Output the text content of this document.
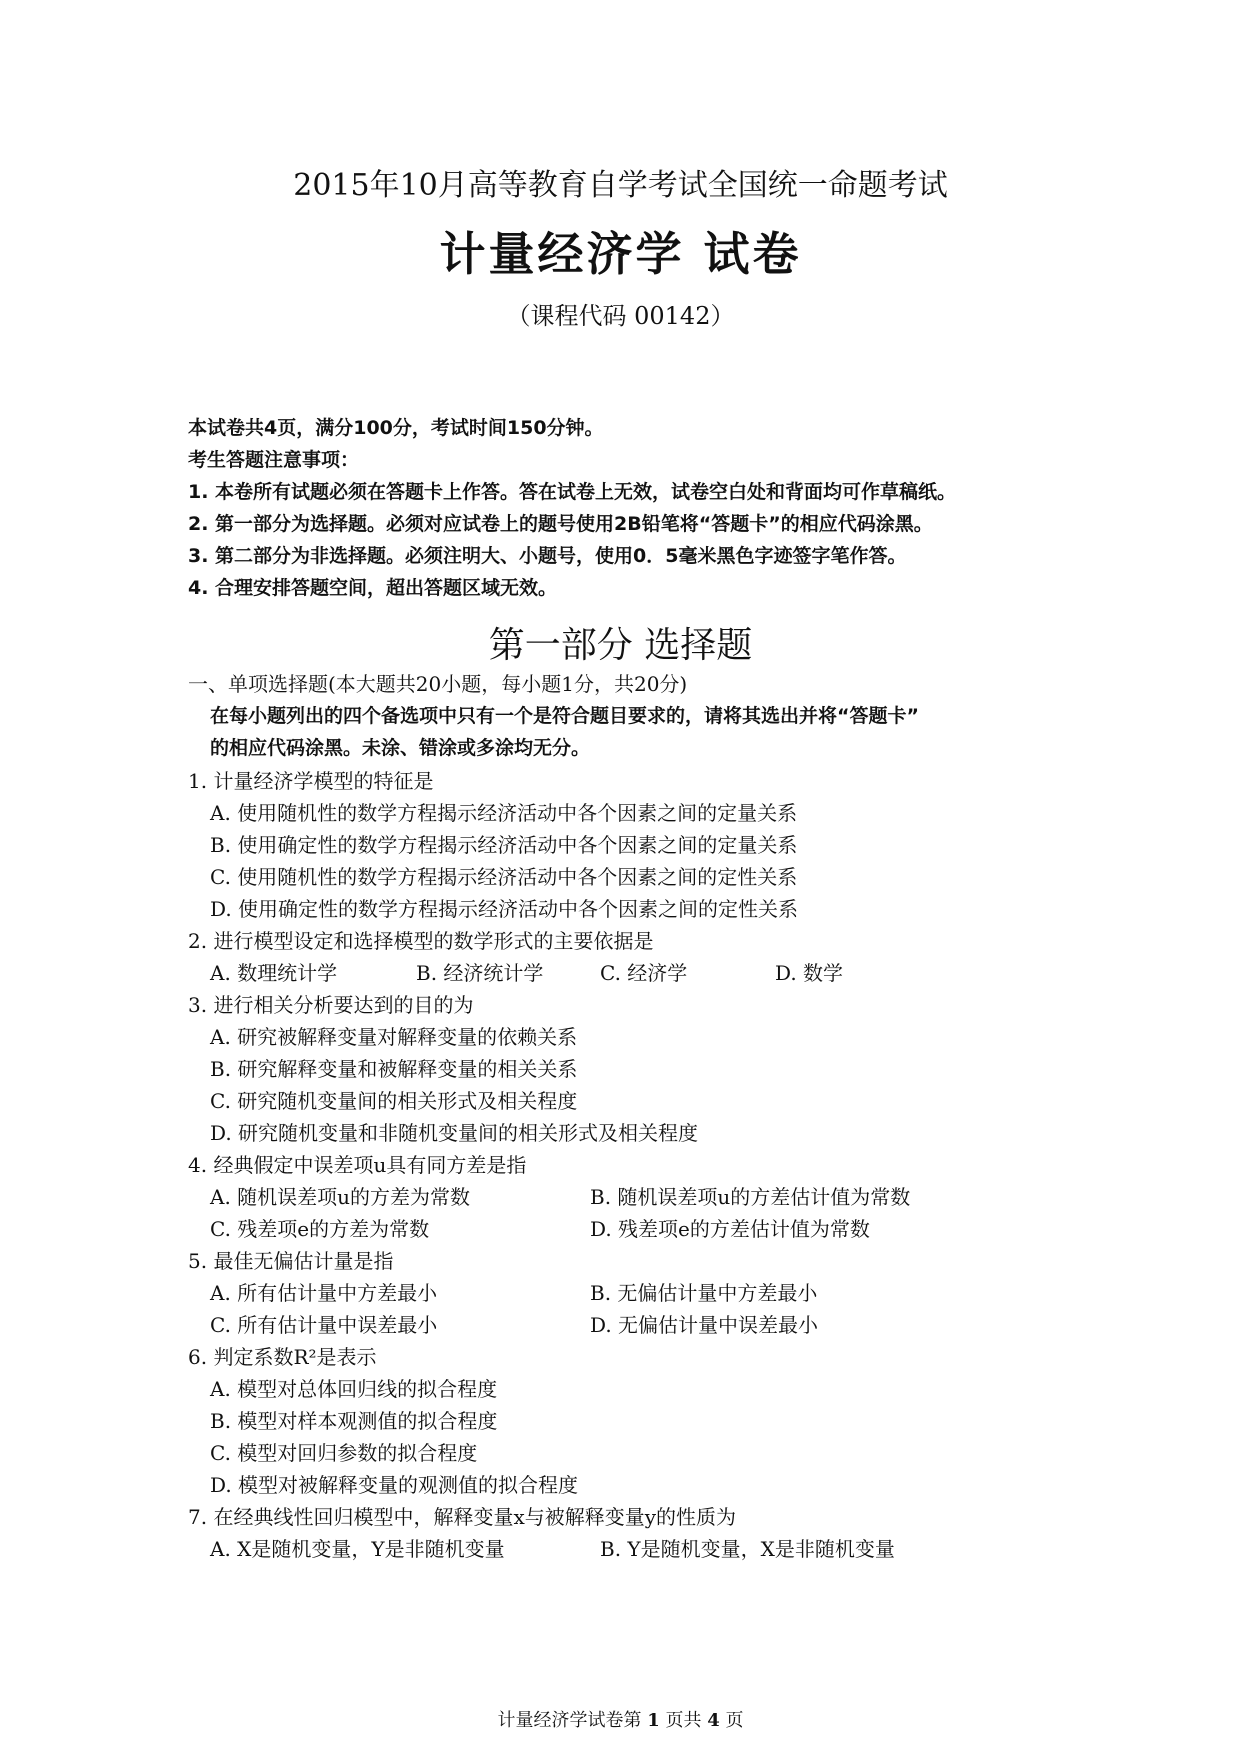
2015年10月高等教育自学考试全国统一命题考试
计量经济学 试卷
（课程代码 00142）
本试卷共4页，满分100分，考试时间150分钟。
考生答题注意事项：
1. 本卷所有试题必须在答题卡上作答。答在试卷上无效，试卷空白处和背面均可作草稿纸。
2. 第一部分为选择题。必须对应试卷上的题号使用2B铅笔将“答题卡”的相应代码涂黑。
3. 第二部分为非选择题。必须注明大、小题号，使用0．5毫米黑色字迹签字笔作答。
4. 合理安排答题空间，超出答题区域无效。
第一部分 选择题
一、单项选择题(本大题共20小题，每小题1分，共20分)
在每小题列出的四个备选项中只有一个是符合题目要求的，请将其选出并将“答题卡”
的相应代码涂黑。未涂、错涂或多涂均无分。
1. 计量经济学模型的特征是
A. 使用随机性的数学方程揭示经济活动中各个因素之间的定量关系
B. 使用确定性的数学方程揭示经济活动中各个因素之间的定量关系
C. 使用随机性的数学方程揭示经济活动中各个因素之间的定性关系
D. 使用确定性的数学方程揭示经济活动中各个因素之间的定性关系
2. 进行模型设定和选择模型的数学形式的主要依据是
A. 数理统计学	B. 经济统计学	C. 经济学	D. 数学
3. 进行相关分析要达到的目的为
A. 研究被解释变量对解释变量的依赖关系
B. 研究解释变量和被解释变量的相关关系
C. 研究随机变量间的相关形式及相关程度
D. 研究随机变量和非随机变量间的相关形式及相关程度
4. 经典假定中误差项u具有同方差是指
A. 随机误差项u的方差为常数	B. 随机误差项u的方差估计值为常数
C. 残差项e的方差为常数	D. 残差项e的方差估计值为常数
5. 最佳无偏估计量是指
A. 所有估计量中方差最小	B. 无偏估计量中方差最小
C. 所有估计量中误差最小	D. 无偏估计量中误差最小
6. 判定系数R²是表示
A. 模型对总体回归线的拟合程度
B. 模型对样本观测值的拟合程度
C. 模型对回归参数的拟合程度
D. 模型对被解释变量的观测值的拟合程度
7. 在经典线性回归模型中，解释变量x与被解释变量y的性质为
A. X是随机变量，Y是非随机变量	B. Y是随机变量，X是非随机变量
计量经济学试卷第 1 页共 4 页
